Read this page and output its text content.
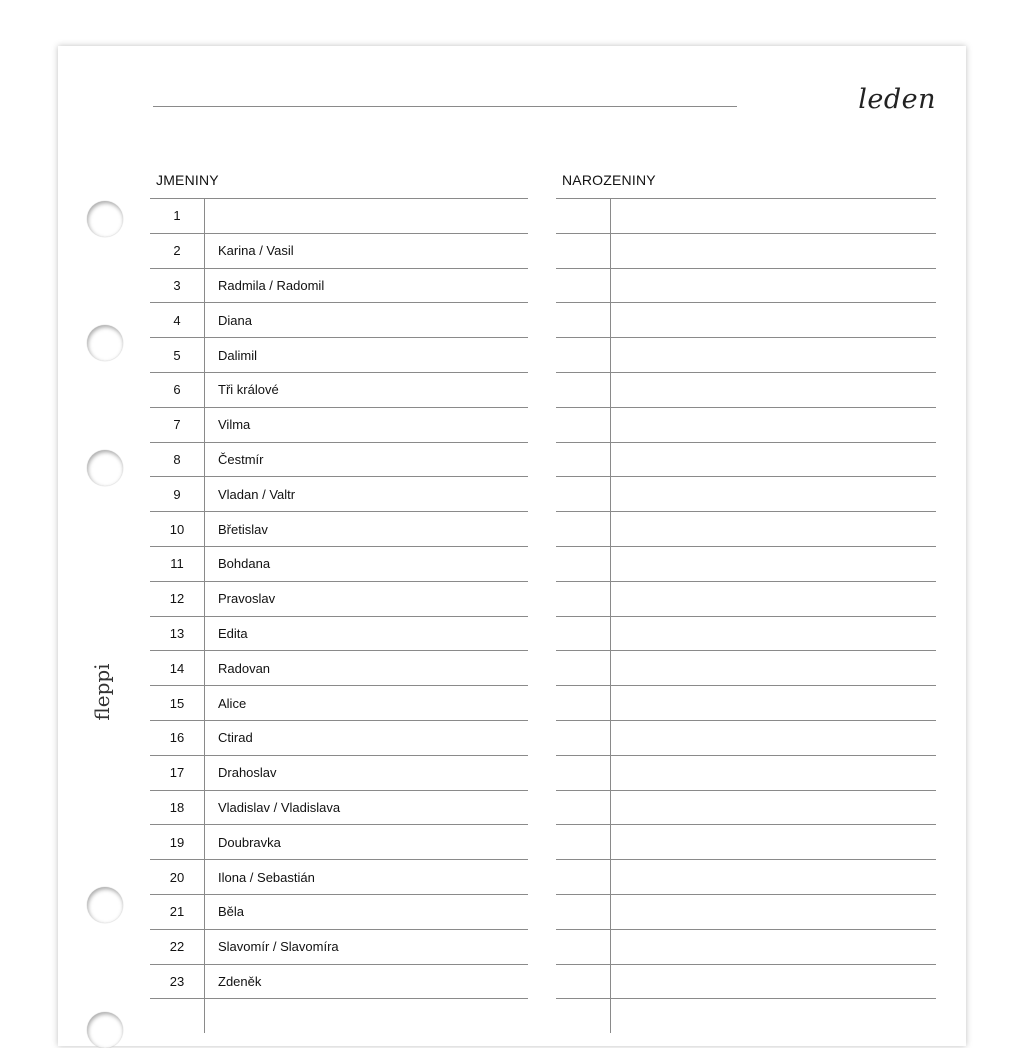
leden
fleppi
JMENINY	NAROZENINY
1
2	Karina / Vasil
3	Radmila / Radomil
4	Diana
5	Dalimil
6	Tři králové
7	Vilma
8	Čestmír
9	Vladan / Valtr
10	Břetislav
11	Bohdana
12	Pravoslav
13	Edita
14	Radovan
15	Alice
16	Ctirad
17	Drahoslav
18	Vladislav / Vladislava
19	Doubravka
20	Ilona / Sebastián
21	Běla
22	Slavomír / Slavomíra
23	Zdeněk
